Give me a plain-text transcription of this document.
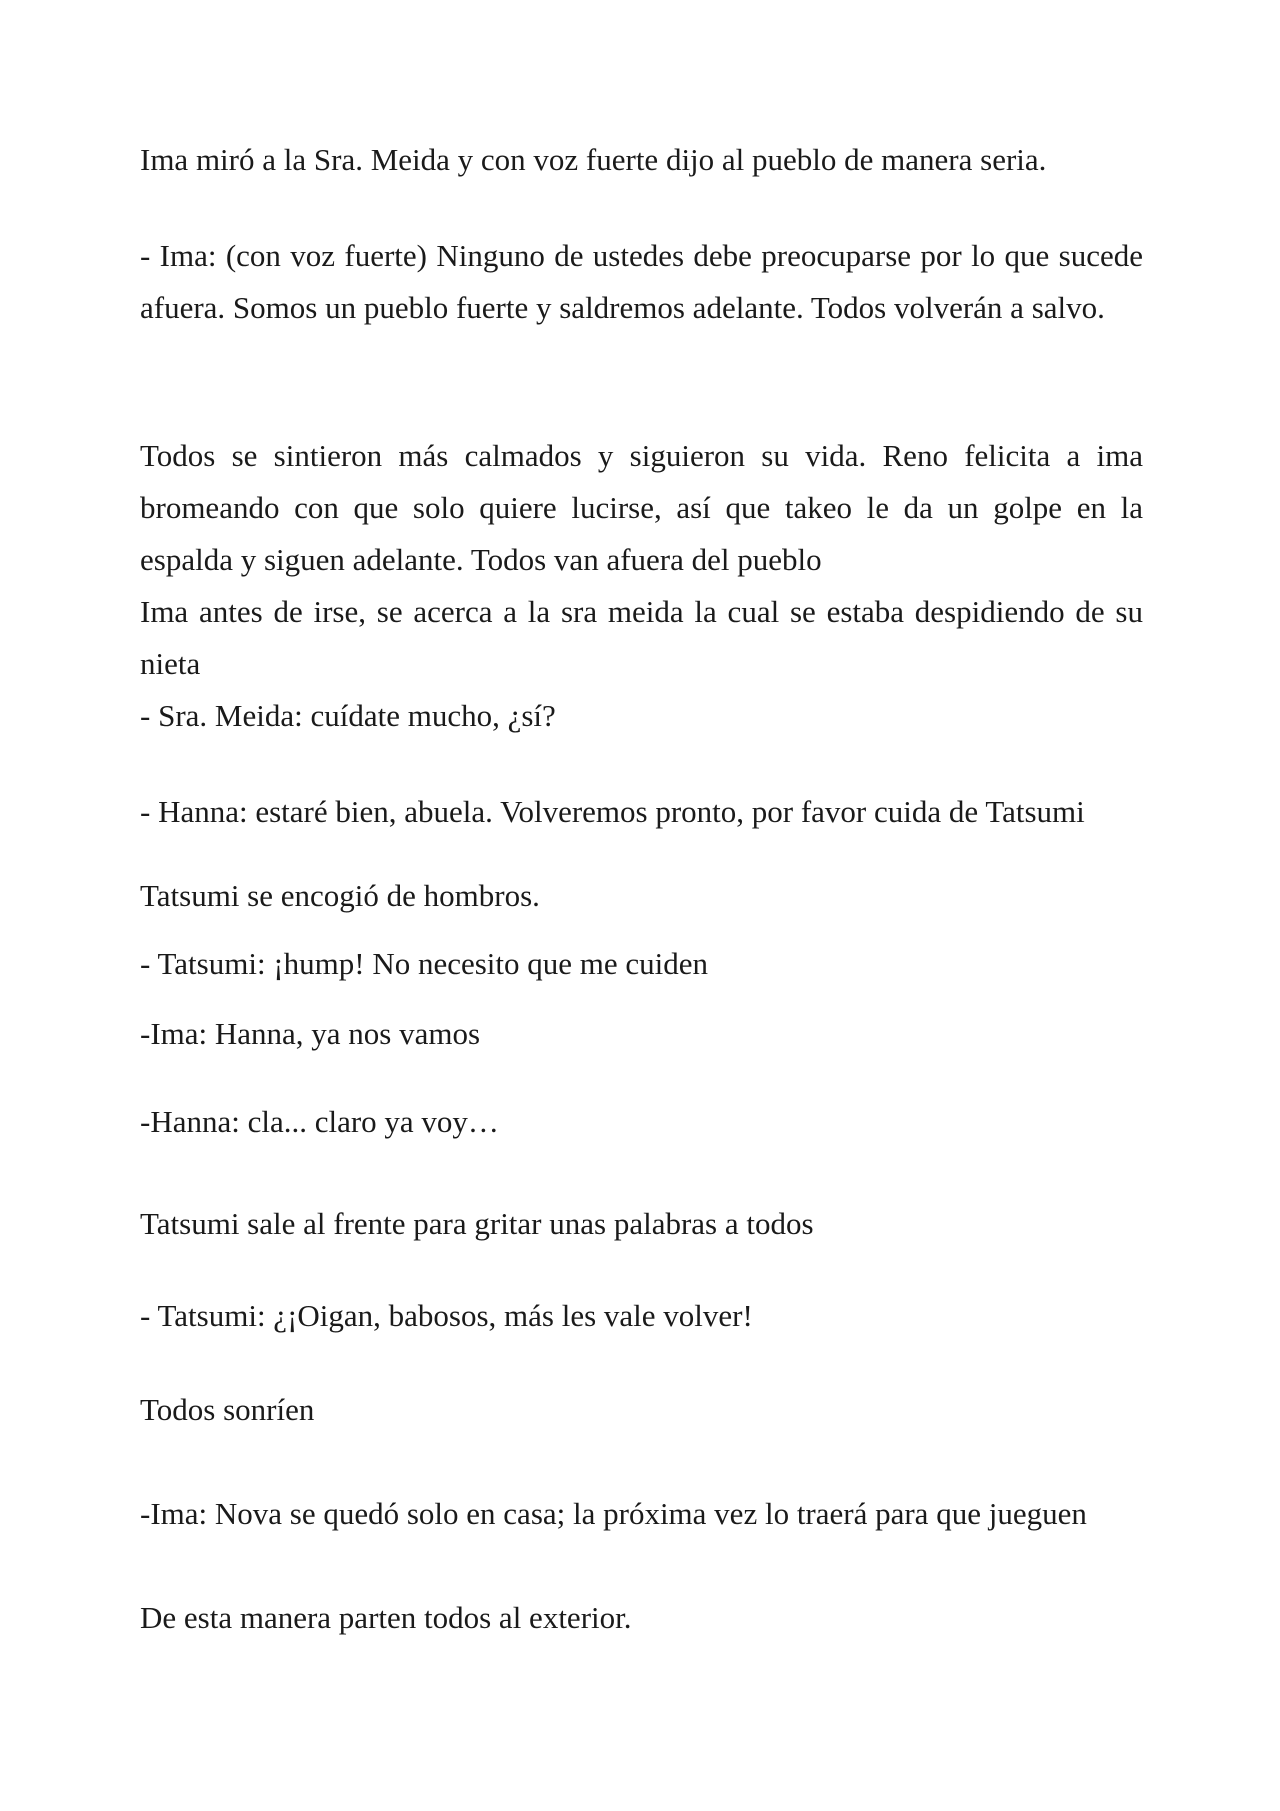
Ima miró a la Sra. Meida y con voz fuerte dijo al pueblo de manera seria.

- Ima: (con voz fuerte) Ninguno de ustedes debe preocuparse por lo que sucede afuera. Somos un pueblo fuerte y saldremos adelante. Todos volverán a salvo.

Todos se sintieron más calmados y siguieron su vida. Reno felicita a ima bromeando con que solo quiere lucirse, así que takeo le da un golpe en la espalda y siguen adelante. Todos van afuera del pueblo

Ima antes de irse, se acerca a la sra meida la cual se estaba despidiendo de su nieta

- Sra. Meida: cuídate mucho, ¿sí?

- Hanna: estaré bien, abuela. Volveremos pronto, por favor cuida de Tatsumi

Tatsumi se encogió de hombros.

- Tatsumi: ¡hump! No necesito que me cuiden

-Ima: Hanna, ya nos vamos

-Hanna: cla... claro ya voy…

Tatsumi sale al frente para gritar unas palabras a todos

- Tatsumi: ¿¡Oigan, babosos, más les vale volver!

Todos sonríen

-Ima: Nova se quedó solo en casa; la próxima vez lo traerá para que jueguen

De esta manera parten todos al exterior.
